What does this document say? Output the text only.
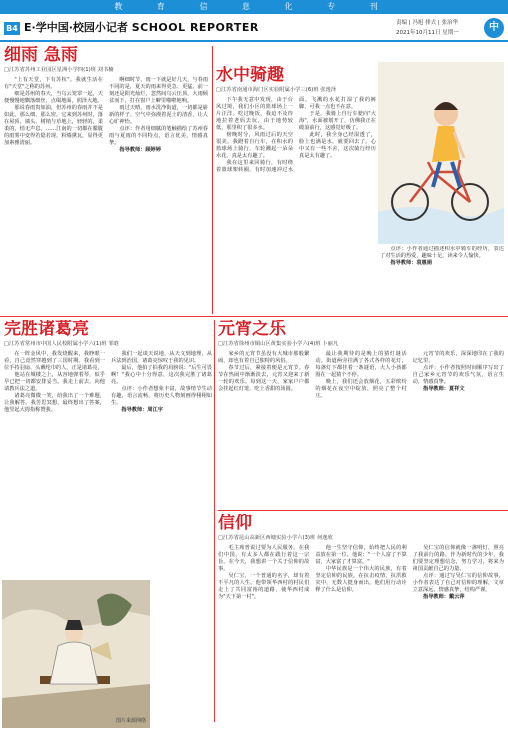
教 育 信 息 化 专 刊
B4 E·学中国·校园小记者 SCHOOL REPORTER	责编 | 冯旭 排式 | 张治华
2021年10月11日 星期一	中
细雨 急雨
□江苏省苏州工业园区星洲小学四(1)班 刘书楠

"上有天堂，下有苏杭"。我就生活在有"天堂"之称的苏州。

细是苏州的春天，当乌云笼罩一起，天便慢慢地飘落细丝，点缀地面，润泽大地。

那说春雨贵如油，但苏州的春雨并不是如此，那么细，那么密。它来到苏州时，落在屋顶、墙头、树梢与草地上，轻轻的，柔柔的，悄无声息。……江南的一切都在朦胧的雨雾中变得若隐若现，粉墙黛瓦，显得更加素雅清丽。

啊细时节，雨一下就是好几天，与春雨不同的是，夏天的雨来得更急、更猛。前一刻还是阳光灿烂，忽然间乌云压顶，大雨倾盆而下，打在窗户上噼里啪啦地响。

雨过天晴，雨水洗净街道，一切都是崭新的样子。空气中弥漫着泥土的清香，让人心旷神怡。

点评：作者用细腻的笔触描绘了苏州春雨与夏雨的不同特点，语言优美，情感真挚。

指导教师：顾婷婷

水中骑趣
□江苏省南通市海门区实验附属小学三(6)班 张逸泽

下午我无意中发现，由于台风过境，我们小区的篮球场上一片汪洋。吃过晚饭，我迫不及待地拉着老妈去玩，由于地势较低，那里积了很多水。

傍晚时分，风雨过后的天空很美。我蹬着自行车，在积水的篮球场上骑行，车轮溅起一朵朵水花，真是太有趣了。

我在这里来回骑行，有时绕着篮球架转圈，有时加速冲过水面。飞溅的水花打湿了我的裤脚，可我一点也不在意。

于是，我骑上自行车驶向"大海"，水面被划开了，仿佛我正在破浪前行，这感觉好极了。

此时，我全身已经湿透了，脸上也满是水，就要回去了。心中又有一些不舍，这次骑行经历真是太有趣了。

点评：小作者通过描述积水中骑车的经历，表达了对生活的热爱，趣味十足，读来令人愉快。

指导教师：袁惠娟

完胜诸葛亮
□江苏省常州市中国人民校附属小学六(1)班 邹晗

在一阵金风中，我发烧醒来，我睁眼一看，自己竟然穿越到了三国时期。我看到一位手持羽扇、头戴纶巾的人，正是诸葛亮。

他站在城楼之上，从容地弹着琴，似乎早已把一切都安排妥当。我走上前去，向他请教兵法之道。

诸葛亮微微一笑，给我出了一个难题，让我解答。我苦思冥想，最终想出了答案，他竖起大拇指称赞我。

我们一起谈天说地，从天文到地理，从兵法到治国，诸葛亮惊叹于我的见识。

最后，他拍了拍我的肩膀说："后生可畏啊！"我心中十分得意，这次我完胜了诸葛亮。

点评：小作者想象丰富，故事情节生动有趣，语言流畅，将历史人物刻画得栩栩如生。

指导教师：周江宇

图片来源网络
元宵之乐
□江苏省徐州市铜山区黄集实验小学六(4)班 卜丽凡

家乡的元宵节虽没有大城市那般繁闹，却也有着自己独特的风俗。

春节过后，紧接着便是元宵节。春节在热闹中渐渐淡去，元宵又迎来了新一轮的欢乐。每到这一天，家家户户都会挂起红灯笼，吃上香甜的汤圆。

最让我期待的是晚上的猜灯谜活动。街道两旁挂满了各式各样的花灯，每盏灯下都挂着一条谜语，大人小孩都围在一起猜个不停。

晚上，我们还会放烟花，五彩缤纷的烟花在夜空中绽放，照亮了整个村庄。

元宵节的欢乐，深深地印在了我的记忆里。

点评：小作者按照时间顺序写出了自己家乡元宵节的欢乐气氛，语言生动，情感真挚。

指导教师：夏祥文

信仰
□江苏省昆山高新区西塘实验小学六(3)班 何逸欣

毛主席曾说过要为人民服务。在我们中国，有太多人都在践行着这一宗旨。在今天，我想讲一个关于信仰的故事。

吴仁宝，一个普通的名字，却有着不平凡的人生。他带领华西村的村民们走上了共同富裕的道路，使华西村成为"天下第一村"。

他一生坚守信仰，始终把人民的利益放在第一位。他说："一个人富了不算富，大家富了才算富。"

中华民族是一个伟大的民族，有着坚定信仰的民族。在抗击疫情、抗洪救灾中，无数人挺身而出，他们用行动诠释了什么是信仰。

吴仁宝的信仰就像一盏明灯，照亮了我前行的路。作为新时代的少年，我们要坚定理想信念，努力学习，将来为祖国贡献自己的力量。

点评：通过写吴仁宝的信仰故事，小作者表达了自己对信仰的理解，文章立意深远，情感真挚，结构严谨。

指导教师：戴云萍
